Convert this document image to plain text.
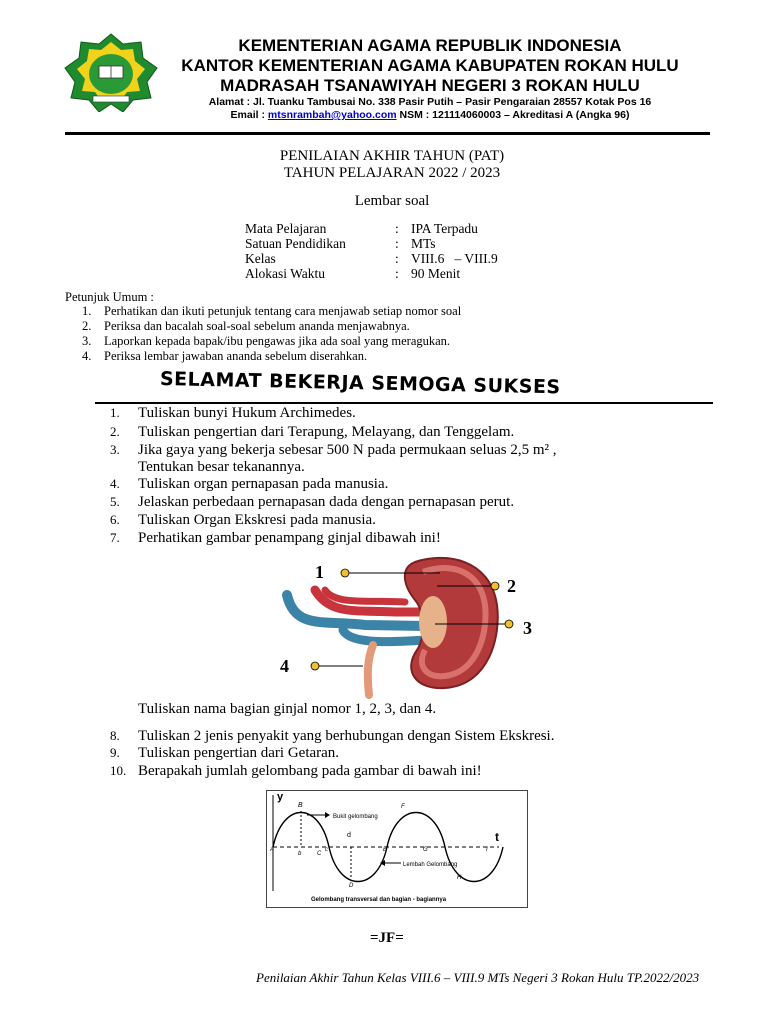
KEMENTERIAN AGAMA REPUBLIK INDONESIA
KANTOR KEMENTERIAN AGAMA KABUPATEN ROKAN HULU
MADRASAH TSANAWIYAH NEGERI 3 ROKAN HULU
Alamat : Jl. Tuanku Tambusai No. 338 Pasir Putih – Pasir Pengaraian 28557 Kotak Pos 16
Email : mtsnrambah@yahoo.com NSM : 121114060003 – Akreditasi A (Angka 96)
PENILAIAN AKHIR TAHUN (PAT)
TAHUN PELAJARAN 2022 / 2023
Lembar soal
Mata Pelajaran	:	IPA Terpadu
Satuan Pendidikan	:	MTs
Kelas	:	VIII.6   – VIII.9
Alokasi Waktu	:	90 Menit
Petunjuk Umum :
1. Perhatikan dan ikuti petunjuk tentang cara menjawab setiap nomor soal
2. Periksa dan bacalah soal-soal sebelum ananda menjawabnya.
3. Laporkan kepada bapak/ibu pengawas jika ada soal yang meragukan.
4. Periksa lembar jawaban ananda sebelum diserahkan.
SELAMAT BEKERJA SEMOGA SUKSES
1.	Tuliskan bunyi Hukum Archimedes.
2.	Tuliskan pengertian dari Terapung, Melayang, dan Tenggelam.
3.	Jika gaya yang bekerja sebesar 500 N pada permukaan seluas 2,5 m² ,
Tentukan besar tekanannya.
4.	Tuliskan organ pernapasan pada manusia.
5.	Jelaskan perbedaan pernapasan dada dengan pernapasan perut.
6.	Tuliskan Organ Ekskresi pada manusia.
7.	Perhatikan gambar penampang ginjal dibawah ini!
1
2
3
4
Tuliskan nama bagian ginjal nomor 1, 2, 3, dan 4.
8.	Tuliskan 2 jenis penyakit yang berhubungan dengan Sistem Ekskresi.
9.	Tuliskan pengertian dari Getaran.
10. Berapakah jumlah gelombang pada gambar di bawah ini!
y
t
A
B
b	C
c
d
D
E
F
G
H
I
Bukit gelombang
Lembah Gelombang
Gelombang transversal dan bagian - bagiannya
=JF=
Penilaian Akhir Tahun Kelas VIII.6 – VIII.9 MTs Negeri 3 Rokan Hulu TP.2022/2023
